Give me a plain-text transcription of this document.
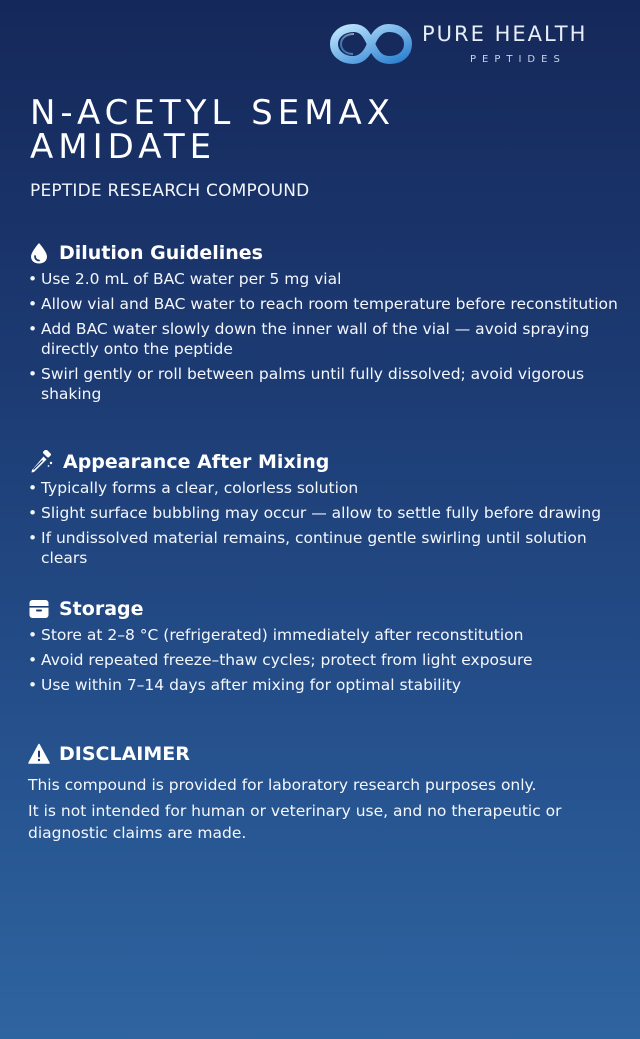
PURE HEALTH
PEPTIDES
N-ACETYL SEMAX AMIDATE
PEPTIDE RESEARCH COMPOUND
Dilution Guidelines
• Use 2.0 mL of BAC water per 5 mg vial
• Allow vial and BAC water to reach room temperature before reconstitution
• Add BAC water slowly down the inner wall of the vial — avoid spraying directly onto the peptide
• Swirl gently or roll between palms until fully dissolved; avoid vigorous shaking
Appearance After Mixing
• Typically forms a clear, colorless solution
• Slight surface bubbling may occur — allow to settle fully before drawing
• If undissolved material remains, continue gentle swirling until solution clears
Storage
• Store at 2–8 °C (refrigerated) immediately after reconstitution
• Avoid repeated freeze–thaw cycles; protect from light exposure
• Use within 7–14 days after mixing for optimal stability
DISCLAIMER

This compound is provided for laboratory research purposes only.

It is not intended for human or veterinary use, and no therapeutic or diagnostic claims are made.
